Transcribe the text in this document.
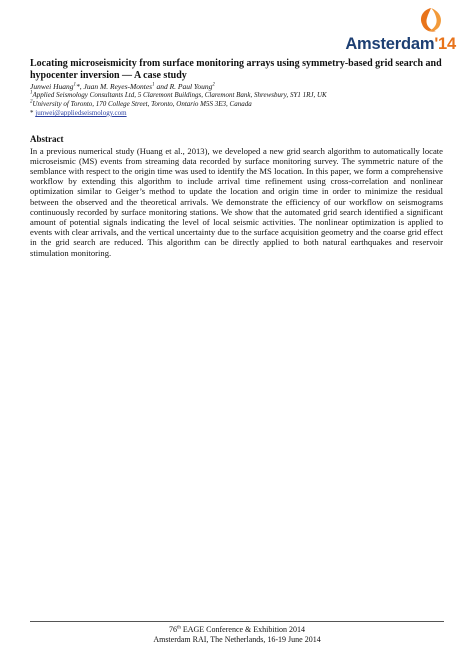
Amsterdam'14
Locating microseismicity from surface monitoring arrays using symmetry-based grid search and hypocenter inversion — A case study
Junwei Huang$^1$*, Juan M. Reyes-Montes$^1$ and R. Paul Young$^2$
$^1$Applied Seismology Consultants Ltd, 5 Claremont Buildings, Claremont Bank, Shrewsbury, SY1 1RJ, UK
$^2$University of Toronto, 170 College Street, Toronto, Ontario M5S 3E3, Canada
* junwei@appliedseismology.com
Abstract
In a previous numerical study (Huang et al., 2013), we developed a new grid search algorithm to automatically locate microseismic (MS) events from streaming data recorded by surface monitoring survey. The symmetric nature of the semblance with respect to the origin time was used to identify the MS location. In this paper, we form a comprehensive workflow by extending this algorithm to include arrival time refinement using cross-correlation and nonlinear optimization similar to Geiger’s method to update the location and origin time in order to minimize the residual between the observed and the theoretical arrivals. We demonstrate the efficiency of our workflow on seismograms continuously recorded by surface monitoring stations. We show that the automated grid search identified a significant amount of potential signals indicating the level of local seismic activities. The nonlinear optimization is applied to events with clear arrivals, and the vertical uncertainty due to the surface acquisition geometry and the coarse grid effect in the grid search are reduced. This algorithm can be directly applied to both natural earthquakes and reservoir stimulation monitoring.
76th EAGE Conference & Exhibition 2014
Amsterdam RAI, The Netherlands, 16-19 June 2014
